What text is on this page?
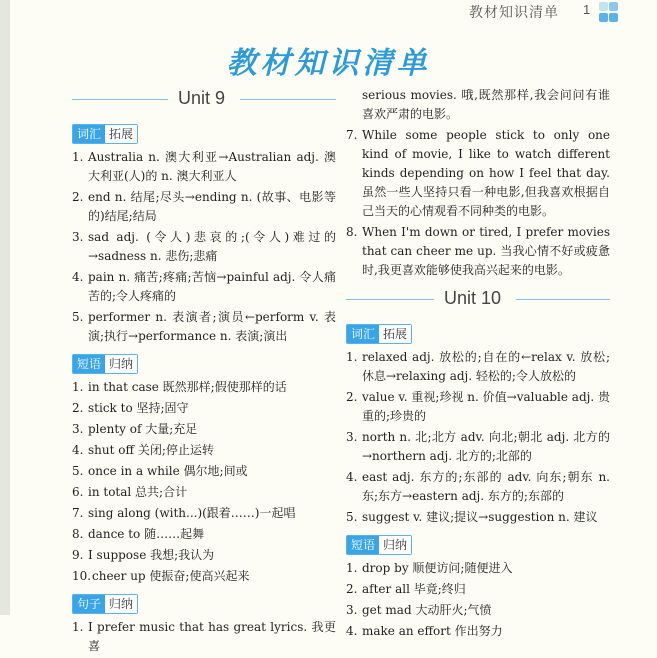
教材知识清单 1
教材知识清单
Unit 9
词汇 拓展
1. Australia n. 澳大利亚→Australian adj. 澳大利亚(人)的 n. 澳大利亚人
2. end n. 结尾;尽头→ending n. (故事、电影等的)结尾;结局
3. sad adj. (令人)悲哀的;(令人)难过的→sadness n. 悲伤;悲痛
4. pain n. 痛苦;疼痛;苦恼→painful adj. 令人痛苦的;令人疼痛的
5. performer n. 表演者;演员←perform v. 表演;执行→performance n. 表演;演出
短语 归纳
1. in that case 既然那样;假使那样的话
2. stick to 坚持;固守
3. plenty of 大量;充足
4. shut off 关闭;停止运转
5. once in a while 偶尔地;间或
6. in total 总共;合计
7. sing along (with...)(跟着……)一起唱
8. dance to 随……起舞
9. I suppose 我想;我认为
10. cheer up 使振奋;使高兴起来
句子 归纳
1. I prefer music that has great lyrics. 我更喜
serious movies. 哦,既然那样,我会问问有谁喜欢严肃的电影。
7. While some people stick to only one kind of movie, I like to watch different kinds depending on how I feel that day. 虽然一些人坚持只看一种电影,但我喜欢根据自己当天的心情观看不同种类的电影。
8. When I'm down or tired, I prefer movies that can cheer me up. 当我心情不好或疲惫时,我更喜欢能够使我高兴起来的电影。
Unit 10
词汇 拓展
1. relaxed adj. 放松的;自在的←relax v. 放松;休息→relaxing adj. 轻松的;令人放松的
2. value v. 重视;珍视 n. 价值→valuable adj. 贵重的;珍贵的
3. north n. 北;北方 adv. 向北;朝北 adj. 北方的→northern adj. 北方的;北部的
4. east adj. 东方的;东部的 adv. 向东;朝东 n. 东;东方→eastern adj. 东方的;东部的
5. suggest v. 建议;提议→suggestion n. 建议
短语 归纳
1. drop by 顺便访问;随便进入
2. after all 毕竟;终归
3. get mad 大动肝火;气愤
4. make an effort 作出努力
